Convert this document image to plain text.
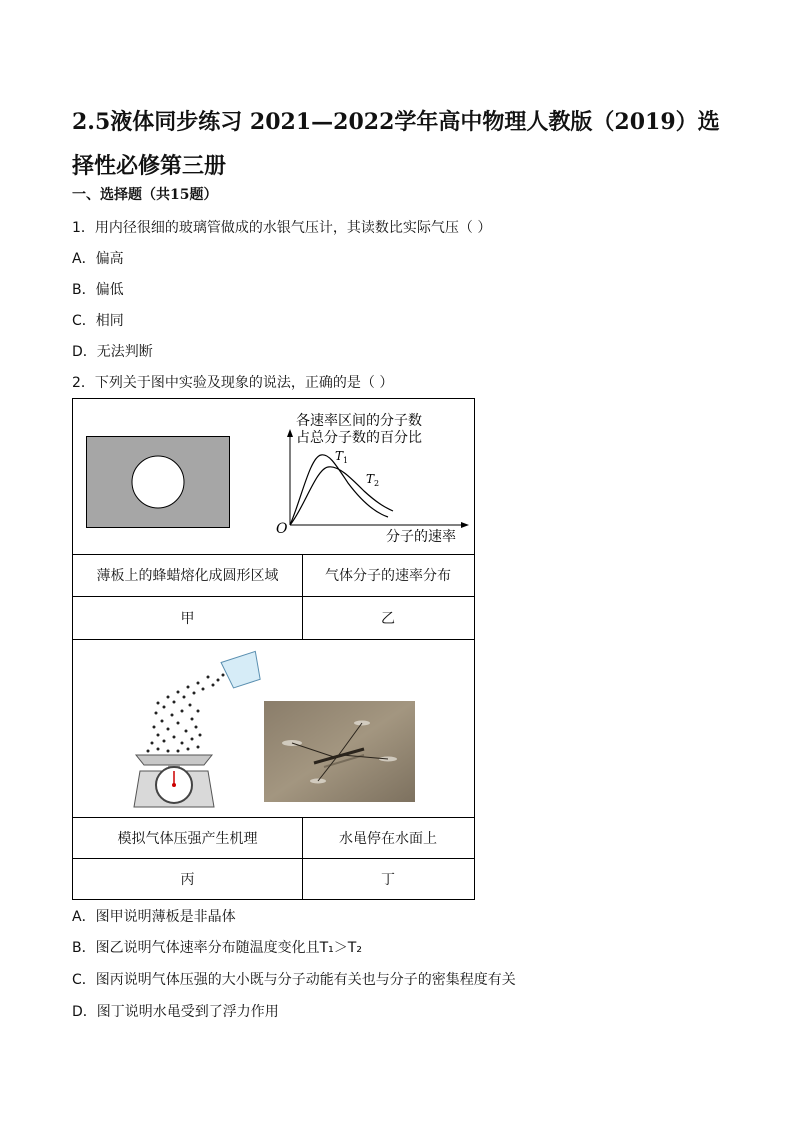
2.5液体同步练习 2021—2022学年高中物理人教版（2019）选择性必修第三册
一、选择题（共15题）
1．用内径很细的玻璃管做成的水银气压计，其读数比实际气压（ ）
A．偏高
B．偏低
C．相同
D．无法判断
2．下列关于图中实验及现象的说法，正确的是（ ）
各速率区间的分子数
占总分子数的百分比
O	分子的速率
$T_1$
$T_2$
薄板上的蜂蜡熔化成圆形区域	气体分子的速率分布
甲	乙
模拟气体压强产生机理	水黾停在水面上
丙	丁
A．图甲说明薄板是非晶体
B．图乙说明气体速率分布随温度变化且T₁＞T₂
C．图丙说明气体压强的大小既与分子动能有关也与分子的密集程度有关
D．图丁说明水黾受到了浮力作用
